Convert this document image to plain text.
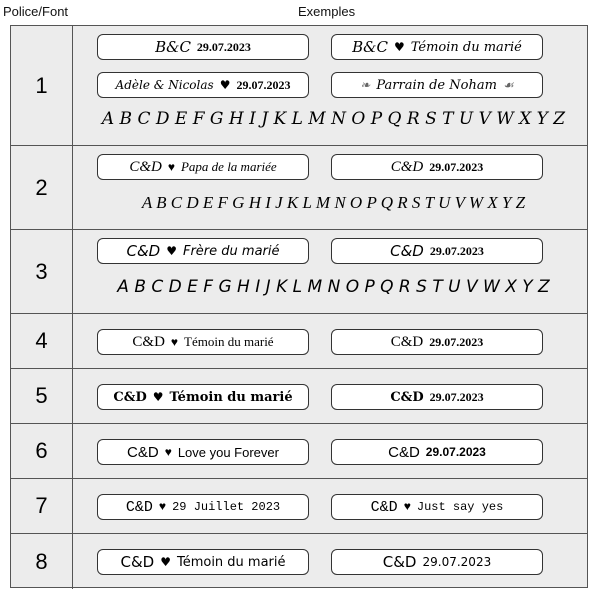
Police/Font	Exemples
1
B&C 29.07.2023	B&C ♥ Témoin du marié
Adèle & Nicolas ♥ 29.07.2023	❧ Parrain de Noham ☙
A B C D E F G H I J K L M N O P Q R S T U V W X Y Z
2
C&D ♥ Papa de la mariée	C&D 29.07.2023
A B C D E F G H I J K L M N O P Q R S T U V W X Y Z
3
C&D ♥ Frère du marié	C&D 29.07.2023
A B C D E F G H I J K L M N O P Q R S T U V W X Y Z
4	C&D ♥ Témoin du marié	C&D 29.07.2023
5	C&D ♥ Témoin du marié	C&D 29.07.2023
6	C&D ♥ Love you Forever	C&D 29.07.2023
7	C&D ♥ 29 Juillet 2023	C&D ♥ Just say yes
8	C&D ♥ Témoin du marié	C&D 29.07.2023
